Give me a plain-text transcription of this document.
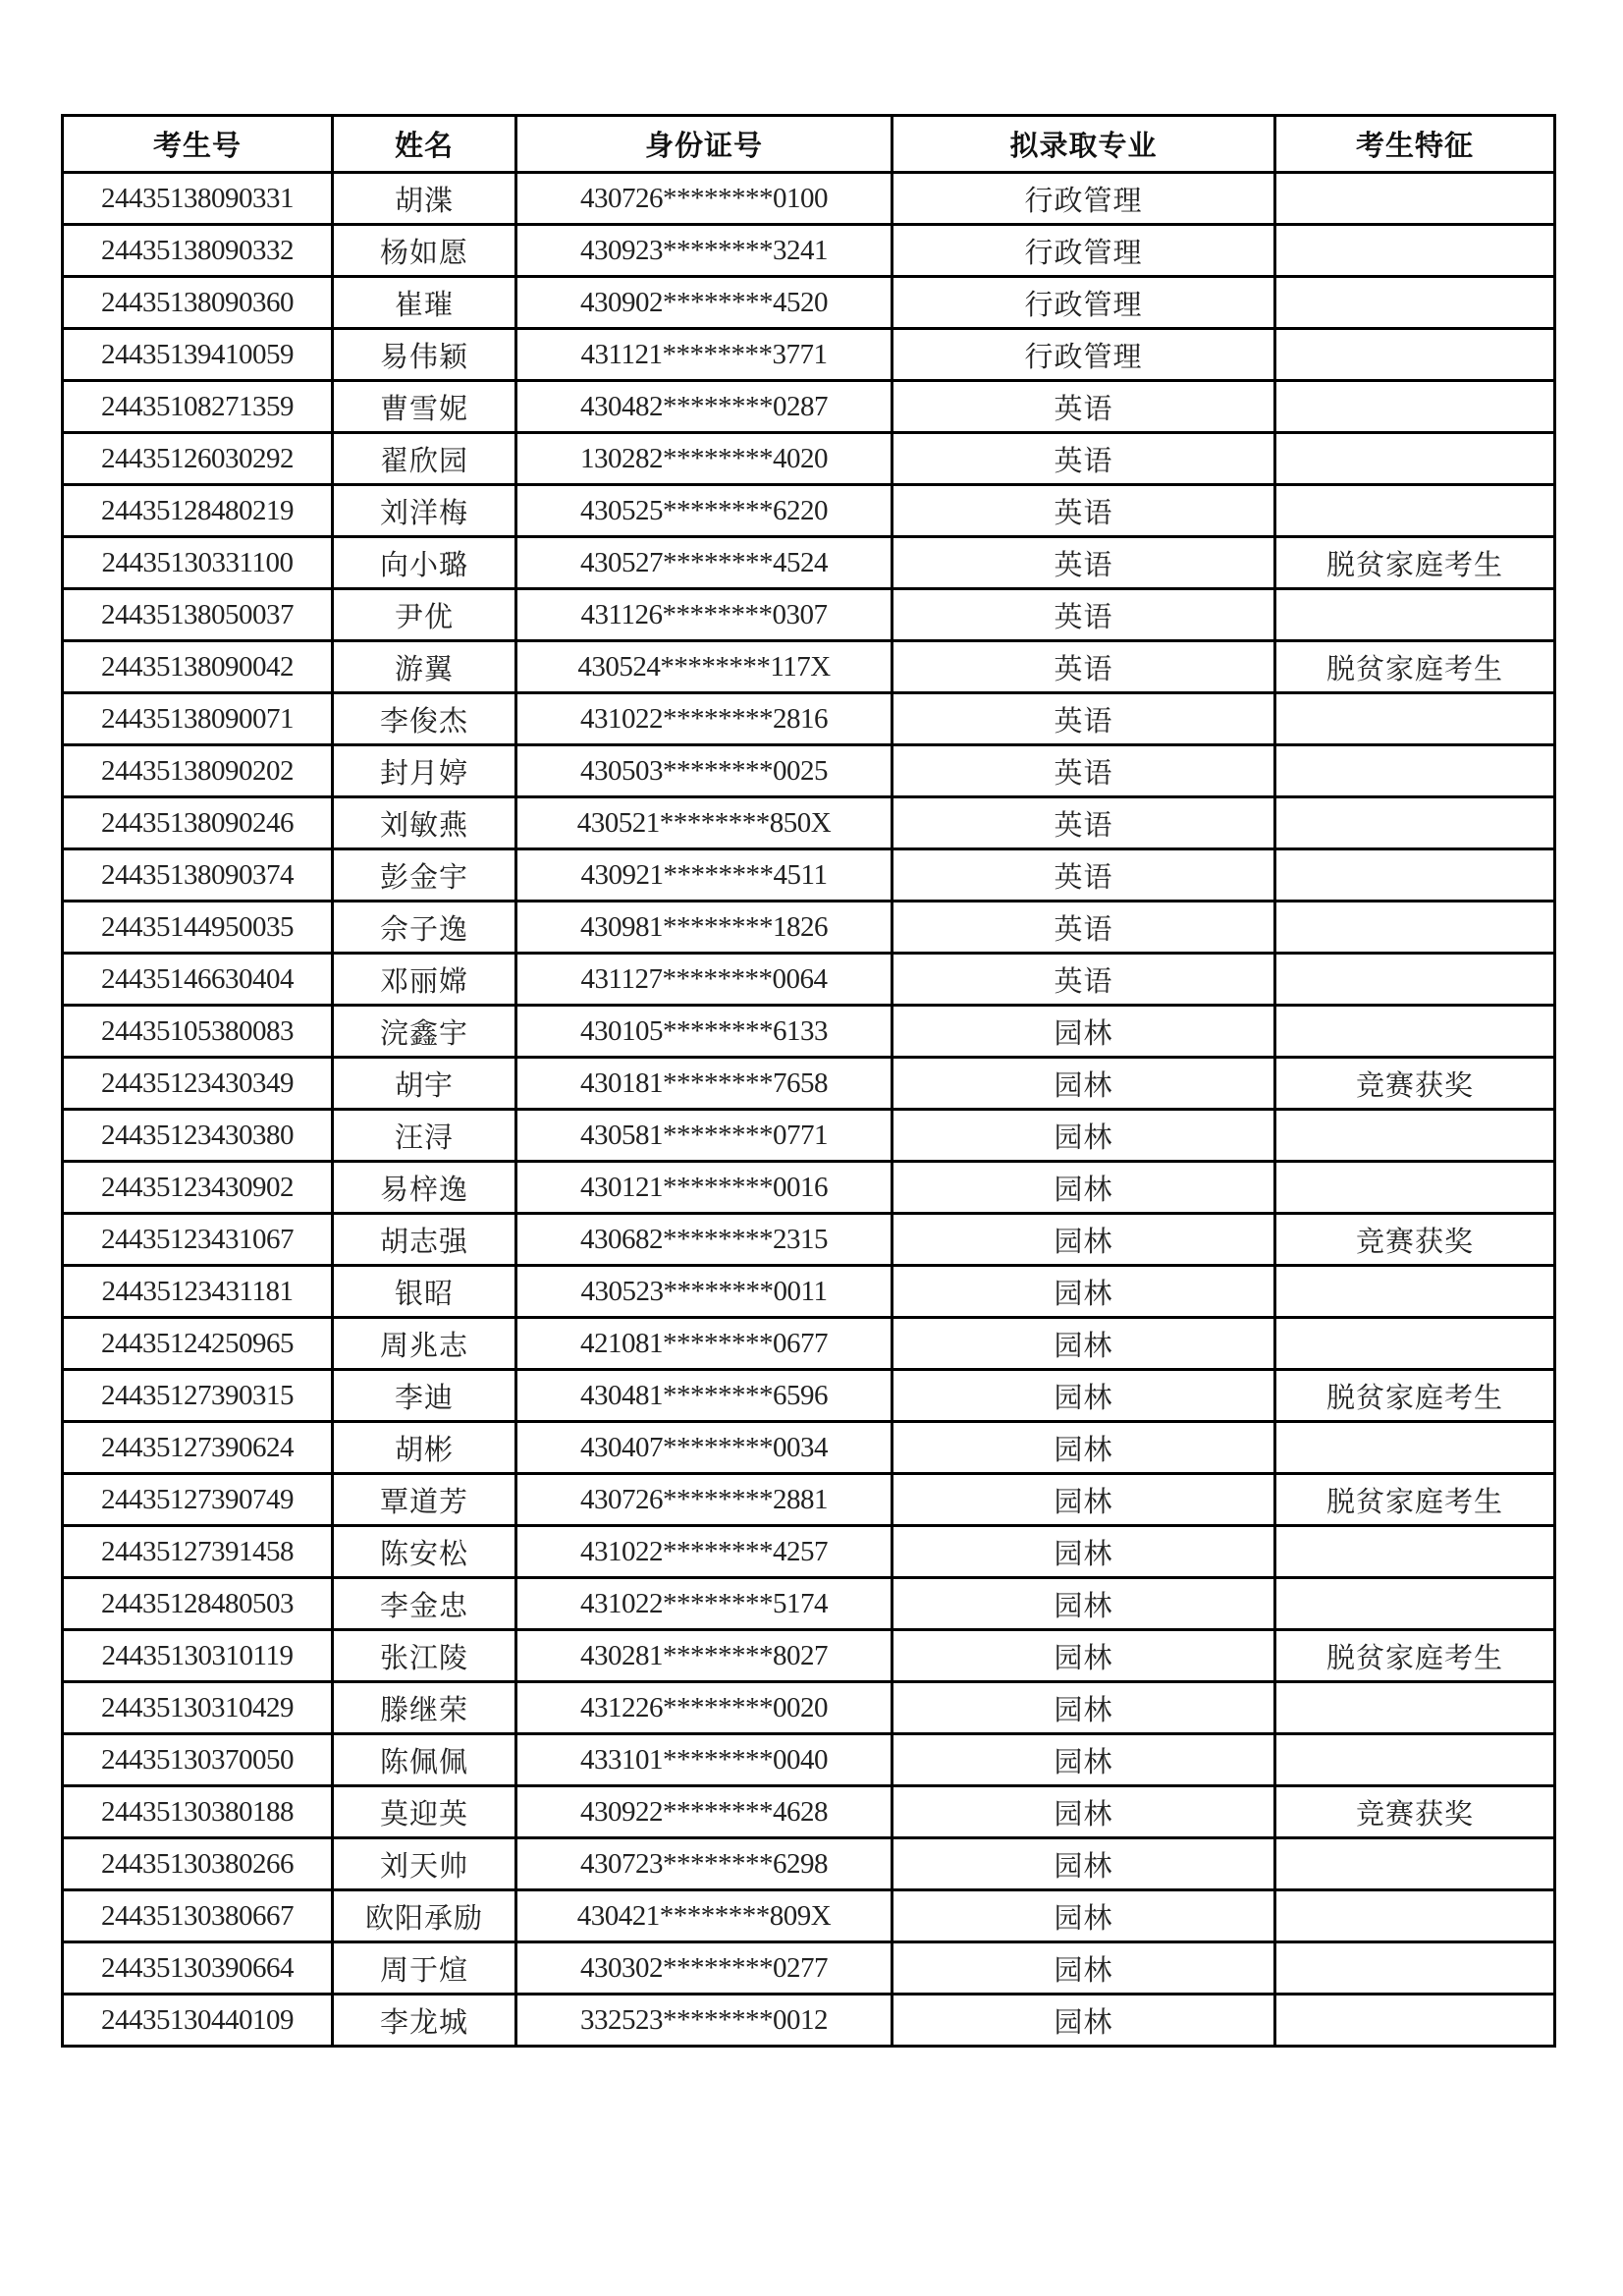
考生号	姓名	身份证号	拟录取专业	考生特征
24435138090331	胡渫	430726********0100	行政管理	
24435138090332	杨如愿	430923********3241	行政管理	
24435138090360	崔璀	430902********4520	行政管理	
24435139410059	易伟颖	431121********3771	行政管理	
24435108271359	曹雪妮	430482********0287	英语	
24435126030292	翟欣园	130282********4020	英语	
24435128480219	刘洋梅	430525********6220	英语	
24435130331100	向小璐	430527********4524	英语	脱贫家庭考生
24435138050037	尹优	431126********0307	英语	
24435138090042	游翼	430524********117X	英语	脱贫家庭考生
24435138090071	李俊杰	431022********2816	英语	
24435138090202	封月婷	430503********0025	英语	
24435138090246	刘敏燕	430521********850X	英语	
24435138090374	彭金宇	430921********4511	英语	
24435144950035	佘子逸	430981********1826	英语	
24435146630404	邓丽嫦	431127********0064	英语	
24435105380083	浣鑫宇	430105********6133	园林	
24435123430349	胡宇	430181********7658	园林	竞赛获奖
24435123430380	汪浔	430581********0771	园林	
24435123430902	易梓逸	430121********0016	园林	
24435123431067	胡志强	430682********2315	园林	竞赛获奖
24435123431181	银昭	430523********0011	园林	
24435124250965	周兆志	421081********0677	园林	
24435127390315	李迪	430481********6596	园林	脱贫家庭考生
24435127390624	胡彬	430407********0034	园林	
24435127390749	覃道芳	430726********2881	园林	脱贫家庭考生
24435127391458	陈安松	431022********4257	园林	
24435128480503	李金忠	431022********5174	园林	
24435130310119	张江陵	430281********8027	园林	脱贫家庭考生
24435130310429	滕继荣	431226********0020	园林	
24435130370050	陈佩佩	433101********0040	园林	
24435130380188	莫迎英	430922********4628	园林	竞赛获奖
24435130380266	刘天帅	430723********6298	园林	
24435130380667	欧阳承励	430421********809X	园林	
24435130390664	周于煊	430302********0277	园林	
24435130440109	李龙城	332523********0012	园林	
